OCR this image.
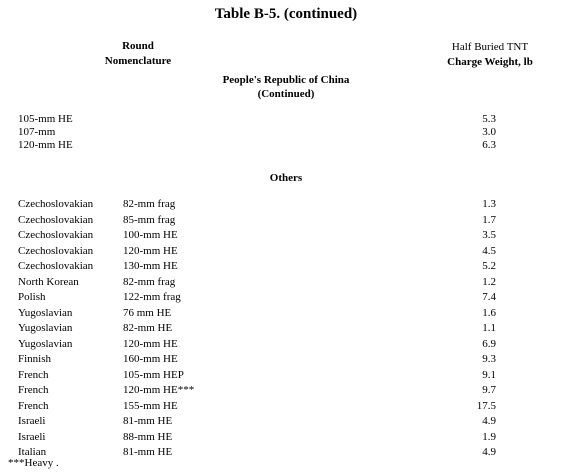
Table B-5. (continued)
Round
Nomenclature
Half Buried TNT
Charge Weight, lb
People's Republic of China
(Continued)
105-mm HE	5.3
107-mm	3.0
120-mm HE	6.3
Others
Czechoslovakian	82-mm frag	1.3
Czechoslovakian	85-mm frag	1.7
Czechoslovakian	100-mm HE	3.5
Czechoslovakian	120-mm HE	4.5
Czechoslovakian	130-mm HE	5.2
North Korean	82-mm frag	1.2
Polish	122-mm frag	7.4
Yugoslavian	76 mm HE	1.6
Yugoslavian	82-mm HE	1.1
Yugoslavian	120-mm HE	6.9
Finnish	160-mm HE	9.3
French	105-mm HEP	9.1
French	120-mm HE***	9.7
French	155-mm HE	17.5
Israeli	81-mm HE	4.9
Israeli	88-mm HE	1.9
Italian	81-mm HE	4.9
***Heavy .
